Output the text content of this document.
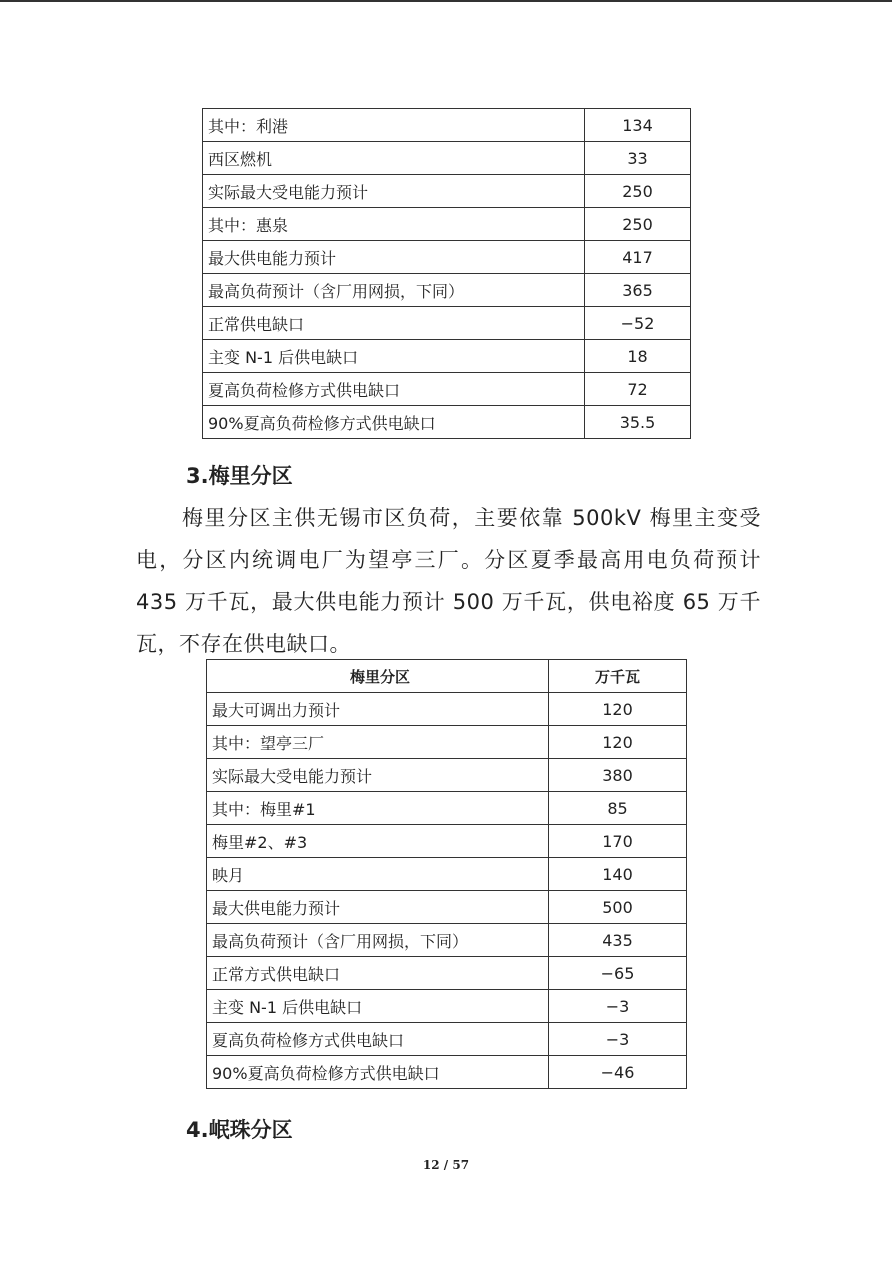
其中：利港	134
西区燃机	33
实际最大受电能力预计	250
其中：惠泉	250
最大供电能力预计	417
最高负荷预计（含厂用网损，下同）	365
正常供电缺口	−52
主变 N-1 后供电缺口	18
夏高负荷检修方式供电缺口	72
90%夏高负荷检修方式供电缺口	35.5
3.梅里分区

梅里分区主供无锡市区负荷，主要依靠 500kV 梅里主变受电，分区内统调电厂为望亭三厂。分区夏季最高用电负荷预计 435 万千瓦，最大供电能力预计 500 万千瓦，供电裕度 65 万千瓦，不存在供电缺口。

梅里分区	万千瓦
最大可调出力预计	120
其中：望亭三厂	120
实际最大受电能力预计	380
其中：梅里#1	85
梅里#2、#3	170
映月	140
最大供电能力预计	500
最高负荷预计（含厂用网损，下同）	435
正常方式供电缺口	−65
主变 N-1 后供电缺口	−3
夏高负荷检修方式供电缺口	−3
90%夏高负荷检修方式供电缺口	−46
4.岷珠分区
12 / 57
